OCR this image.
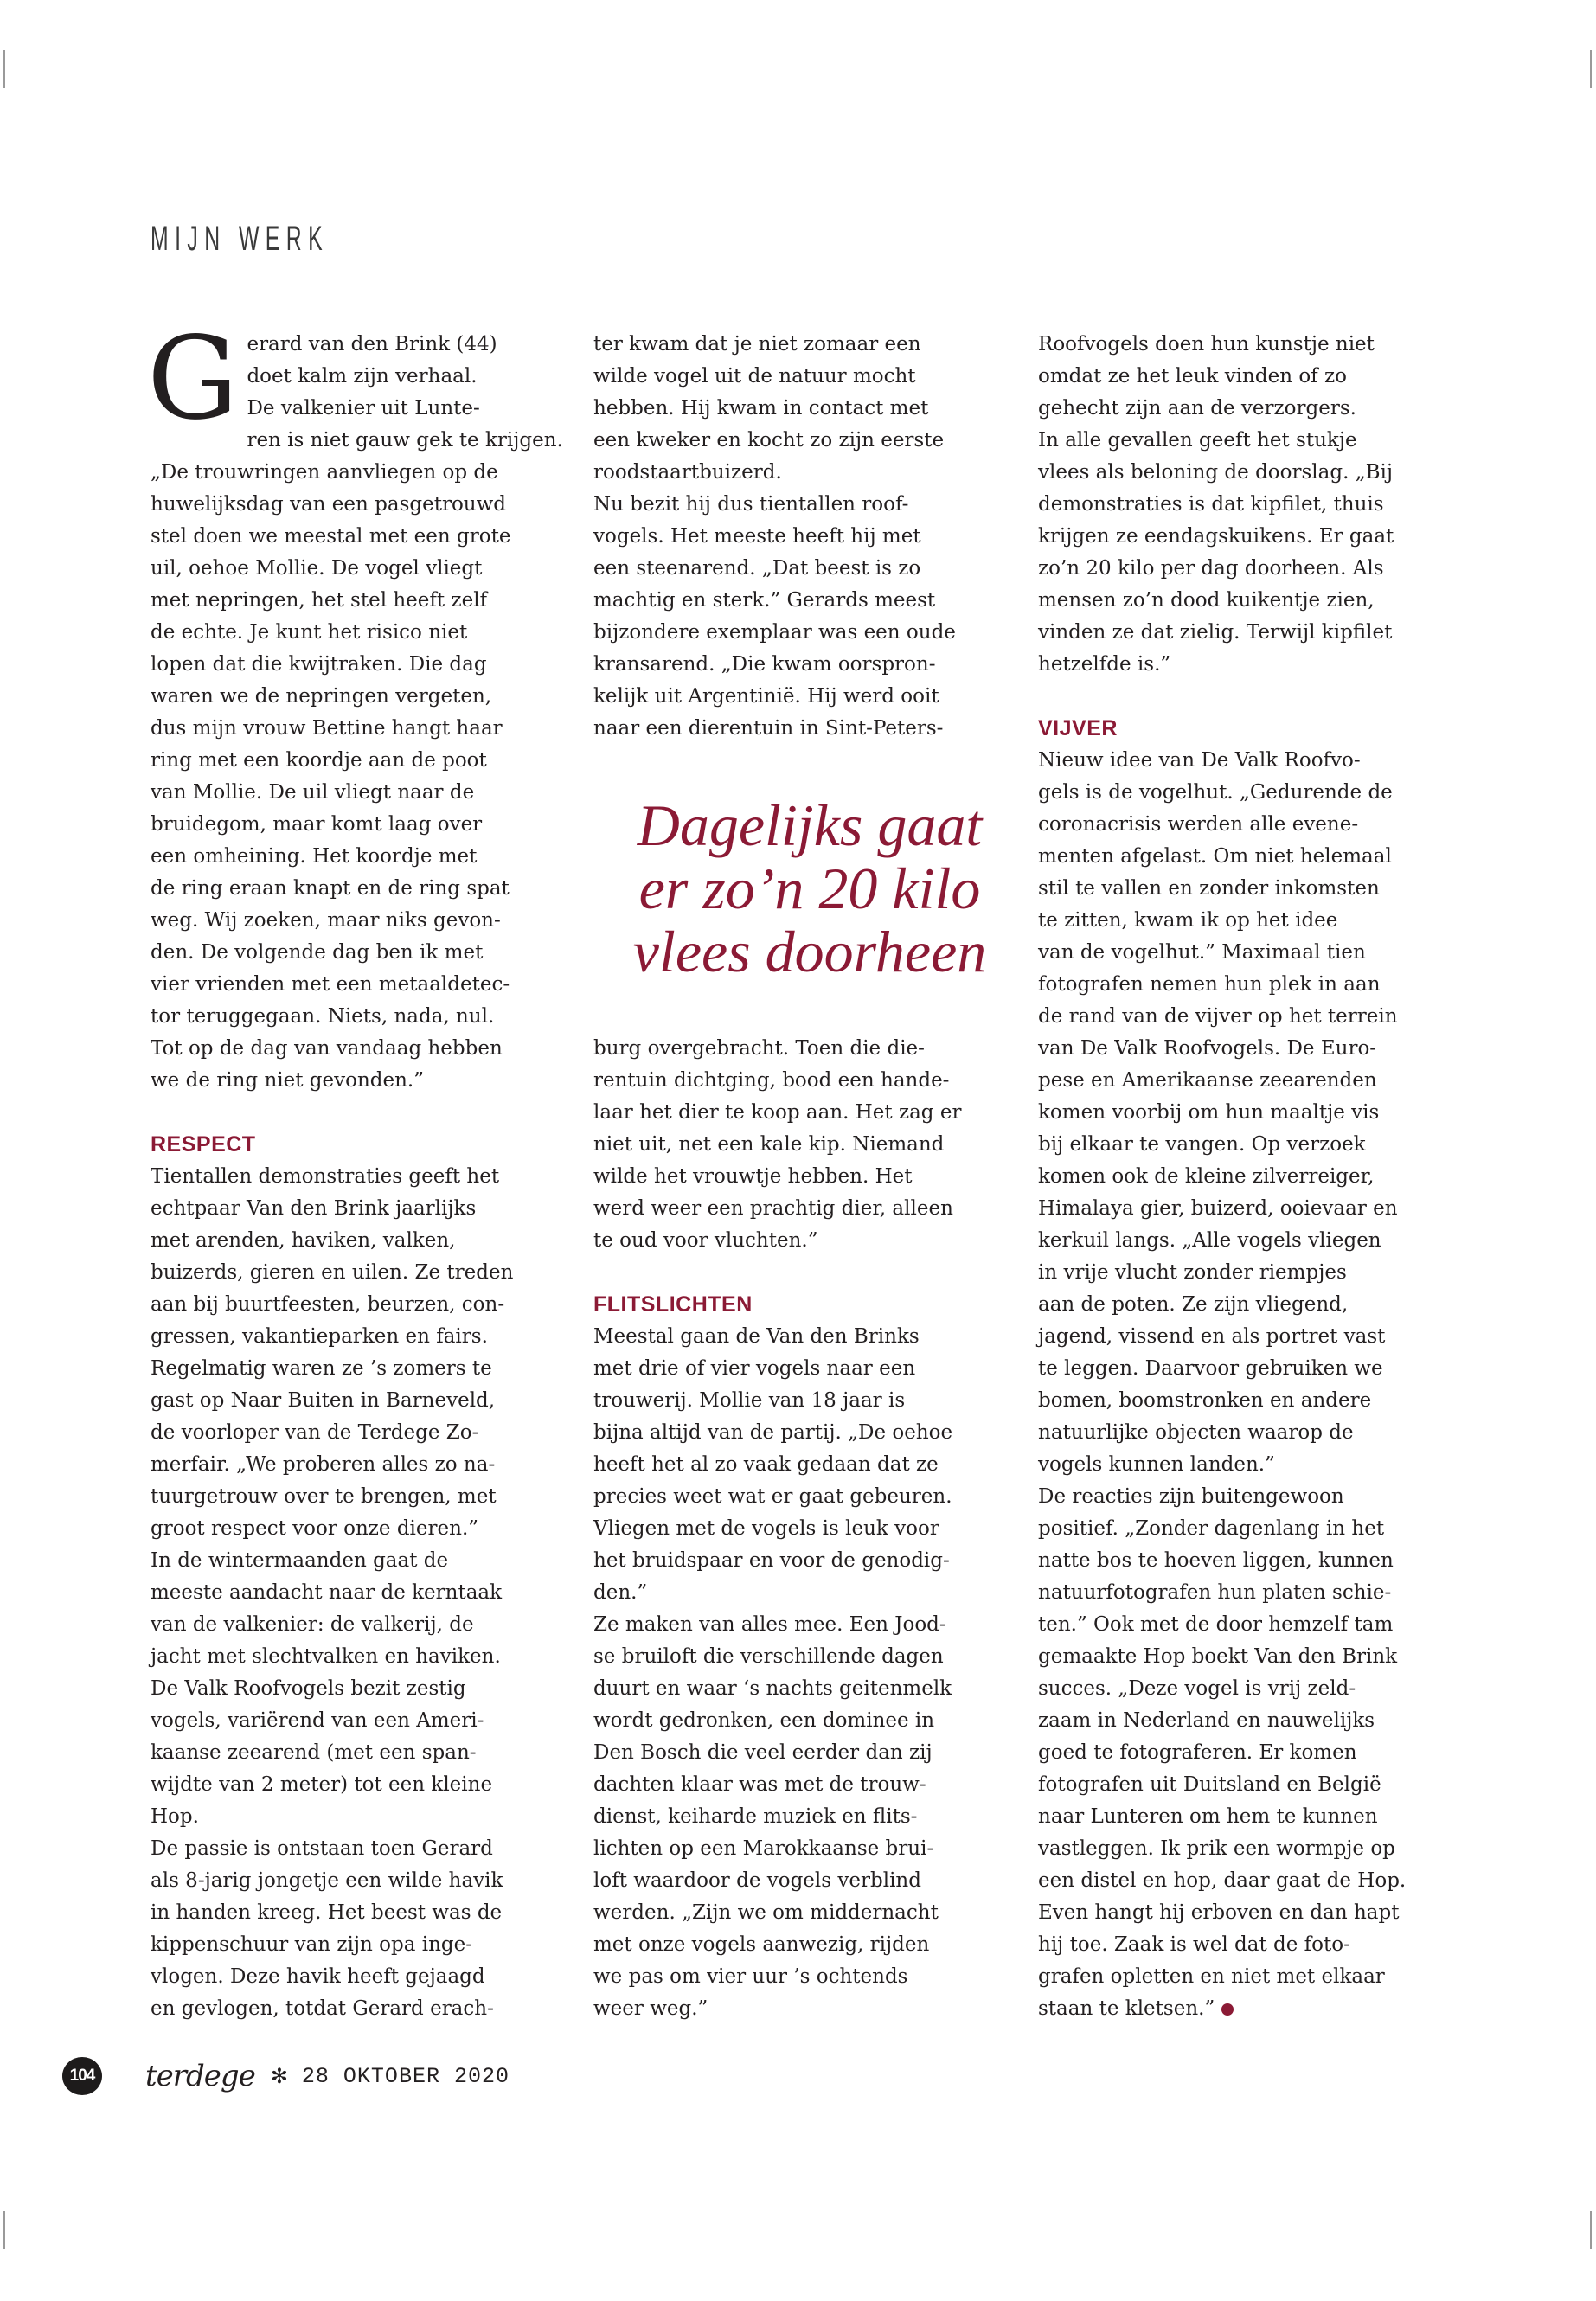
MIJN WERK
G erard van den Brink (44)
doet kalm zijn verhaal.
De valkenier uit Lunte-
ren is niet gauw gek te krijgen.
„De trouwringen aanvliegen op de
huwelijksdag van een pasgetrouwd
stel doen we meestal met een grote
uil, oehoe Mollie. De vogel vliegt
met nepringen, het stel heeft zelf
de echte. Je kunt het risico niet
lopen dat die kwijtraken. Die dag
waren we de nepringen vergeten,
dus mijn vrouw Bettine hangt haar
ring met een koordje aan de poot
van Mollie. De uil vliegt naar de
bruidegom, maar komt laag over
een omheining. Het koordje met
de ring eraan knapt en de ring spat
weg. Wij zoeken, maar niks gevon-
den. De volgende dag ben ik met
vier vrienden met een metaaldetec-
tor teruggegaan. Niets, nada, nul.
Tot op de dag van vandaag hebben
we de ring niet gevonden.”
RESPECT
Tientallen demonstraties geeft het
echtpaar Van den Brink jaarlijks
met arenden, haviken, valken,
buizerds, gieren en uilen. Ze treden
aan bij buurtfeesten, beurzen, con-
gressen, vakantieparken en fairs.
Regelmatig waren ze ’s zomers te
gast op Naar Buiten in Barneveld,
de voorloper van de Terdege Zo-
merfair. „We proberen alles zo na-
tuurgetrouw over te brengen, met
groot respect voor onze dieren.”
In de wintermaanden gaat de
meeste aandacht naar de kerntaak
van de valkenier: de valkerij, de
jacht met slechtvalken en haviken.
De Valk Roofvogels bezit zestig
vogels, variërend van een Ameri-
kaanse zeearend (met een span-
wijdte van 2 meter) tot een kleine
Hop.
De passie is ontstaan toen Gerard
als 8-jarig jongetje een wilde havik
in handen kreeg. Het beest was de
kippenschuur van zijn opa inge-
vlogen. Deze havik heeft gejaagd
en gevlogen, totdat Gerard erach-
ter kwam dat je niet zomaar een
wilde vogel uit de natuur mocht
hebben. Hij kwam in contact met
een kweker en kocht zo zijn eerste
roodstaartbuizerd.
Nu bezit hij dus tientallen roof-
vogels. Het meeste heeft hij met
een steenarend. „Dat beest is zo
machtig en sterk.” Gerards meest
bijzondere exemplaar was een oude
kransarend. „Die kwam oorspron-
kelijk uit Argentinië. Hij werd ooit
naar een dierentuin in Sint-Peters-
Dagelijks gaat
er zo’n 20 kilo
vlees doorheen
burg overgebracht. Toen die die-
rentuin dichtging, bood een hande-
laar het dier te koop aan. Het zag er
niet uit, net een kale kip. Niemand
wilde het vrouwtje hebben. Het
werd weer een prachtig dier, alleen
te oud voor vluchten.”
FLITSLICHTEN
Meestal gaan de Van den Brinks
met drie of vier vogels naar een
trouwerij. Mollie van 18 jaar is
bijna altijd van de partij. „De oehoe
heeft het al zo vaak gedaan dat ze
precies weet wat er gaat gebeuren.
Vliegen met de vogels is leuk voor
het bruidspaar en voor de genodig-
den.”
Ze maken van alles mee. Een Jood-
se bruiloft die verschillende dagen
duurt en waar ‘s nachts geitenmelk
wordt gedronken, een dominee in
Den Bosch die veel eerder dan zij
dachten klaar was met de trouw-
dienst, keiharde muziek en flits-
lichten op een Marokkaanse brui-
loft waardoor de vogels verblind
werden. „Zijn we om middernacht
met onze vogels aanwezig, rijden
we pas om vier uur ’s ochtends
weer weg.”
Roofvogels doen hun kunstje niet
omdat ze het leuk vinden of zo
gehecht zijn aan de verzorgers.
In alle gevallen geeft het stukje
vlees als beloning de doorslag. „Bij
demonstraties is dat kipfilet, thuis
krijgen ze eendagskuikens. Er gaat
zo’n 20 kilo per dag doorheen. Als
mensen zo’n dood kuikentje zien,
vinden ze dat zielig. Terwijl kipfilet
hetzelfde is.”
VIJVER
Nieuw idee van De Valk Roofvo-
gels is de vogelhut. „Gedurende de
coronacrisis werden alle evene-
menten afgelast. Om niet helemaal
stil te vallen en zonder inkomsten
te zitten, kwam ik op het idee
van de vogelhut.” Maximaal tien
fotografen nemen hun plek in aan
de rand van de vijver op het terrein
van De Valk Roofvogels. De Euro-
pese en Amerikaanse zeearenden
komen voorbij om hun maaltje vis
bij elkaar te vangen. Op verzoek
komen ook de kleine zilverreiger,
Himalaya gier, buizerd, ooievaar en
kerkuil langs. „Alle vogels vliegen
in vrije vlucht zonder riempjes
aan de poten. Ze zijn vliegend,
jagend, vissend en als portret vast
te leggen. Daarvoor gebruiken we
bomen, boomstronken en andere
natuurlijke objecten waarop de
vogels kunnen landen.”
De reacties zijn buitengewoon
positief. „Zonder dagenlang in het
natte bos te hoeven liggen, kunnen
natuurfotografen hun platen schie-
ten.” Ook met de door hemzelf tam
gemaakte Hop boekt Van den Brink
succes. „Deze vogel is vrij zeld-
zaam in Nederland en nauwelijks
goed te fotograferen. Er komen
fotografen uit Duitsland en België
naar Lunteren om hem te kunnen
vastleggen. Ik prik een wormpje op
een distel en hop, daar gaat de Hop.
Even hangt hij erboven en dan hapt
hij toe. Zaak is wel dat de foto-
grafen opletten en niet met elkaar
staan te kletsen.”
104 terdege ✻ 28 OKTOBER 2020
